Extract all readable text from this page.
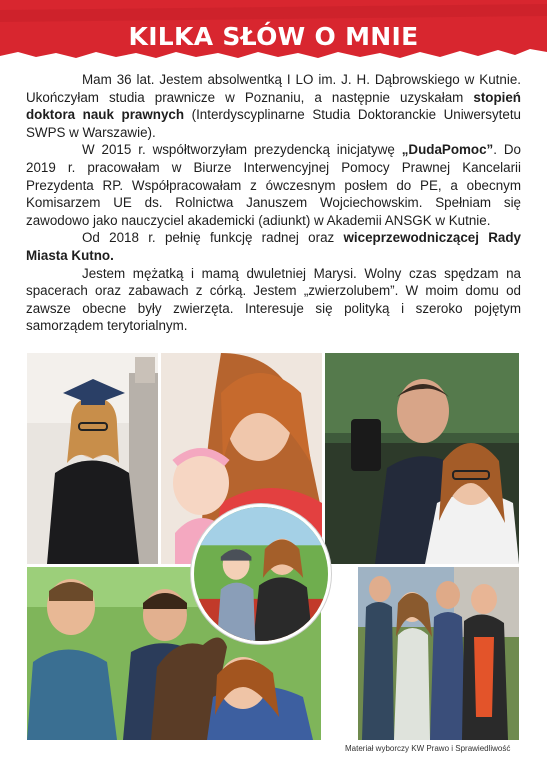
KILKA SŁÓW O MNIE

Mam 36 lat. Jestem absolwentką I LO im. J. H. Dąbrowskiego w Kutnie. Ukończyłam studia prawnicze w Poznaniu, a następnie uzyskałam stopień doktora nauk prawnych (Interdyscyplinarne Studia Doktoranckie Uniwersytetu SWPS w Warszawie).

W 2015 r. współtworzyłam prezydencką inicjatywę „DudaPomoc”. Do 2019 r. pracowałam w Biurze Interwencyjnej Pomocy Prawnej Kancelarii Prezydenta RP. Współpracowałam z ówczesnym posłem do PE, a obecnym Komisarzem UE ds. Rolnictwa Januszem Wojciechowskim. Spełniam się zawodowo jako nauczyciel akademicki (adiunkt) w Akademii ANSGK w Kutnie.

Od 2018 r. pełnię funkcję radnej oraz wiceprzewodniczącej Rady Miasta Kutno.

Jestem mężatką i mamą dwuletniej Marysi. Wolny czas spędzam na spacerach oraz zabawach z córką. Jestem „zwierzolubem”. W moim domu od zawsze obecne były zwierzęta. Interesuje się polityką i szeroko pojętym samorządem terytorialnym.

Materiał wyborczy KW Prawo i Sprawiedliwość
